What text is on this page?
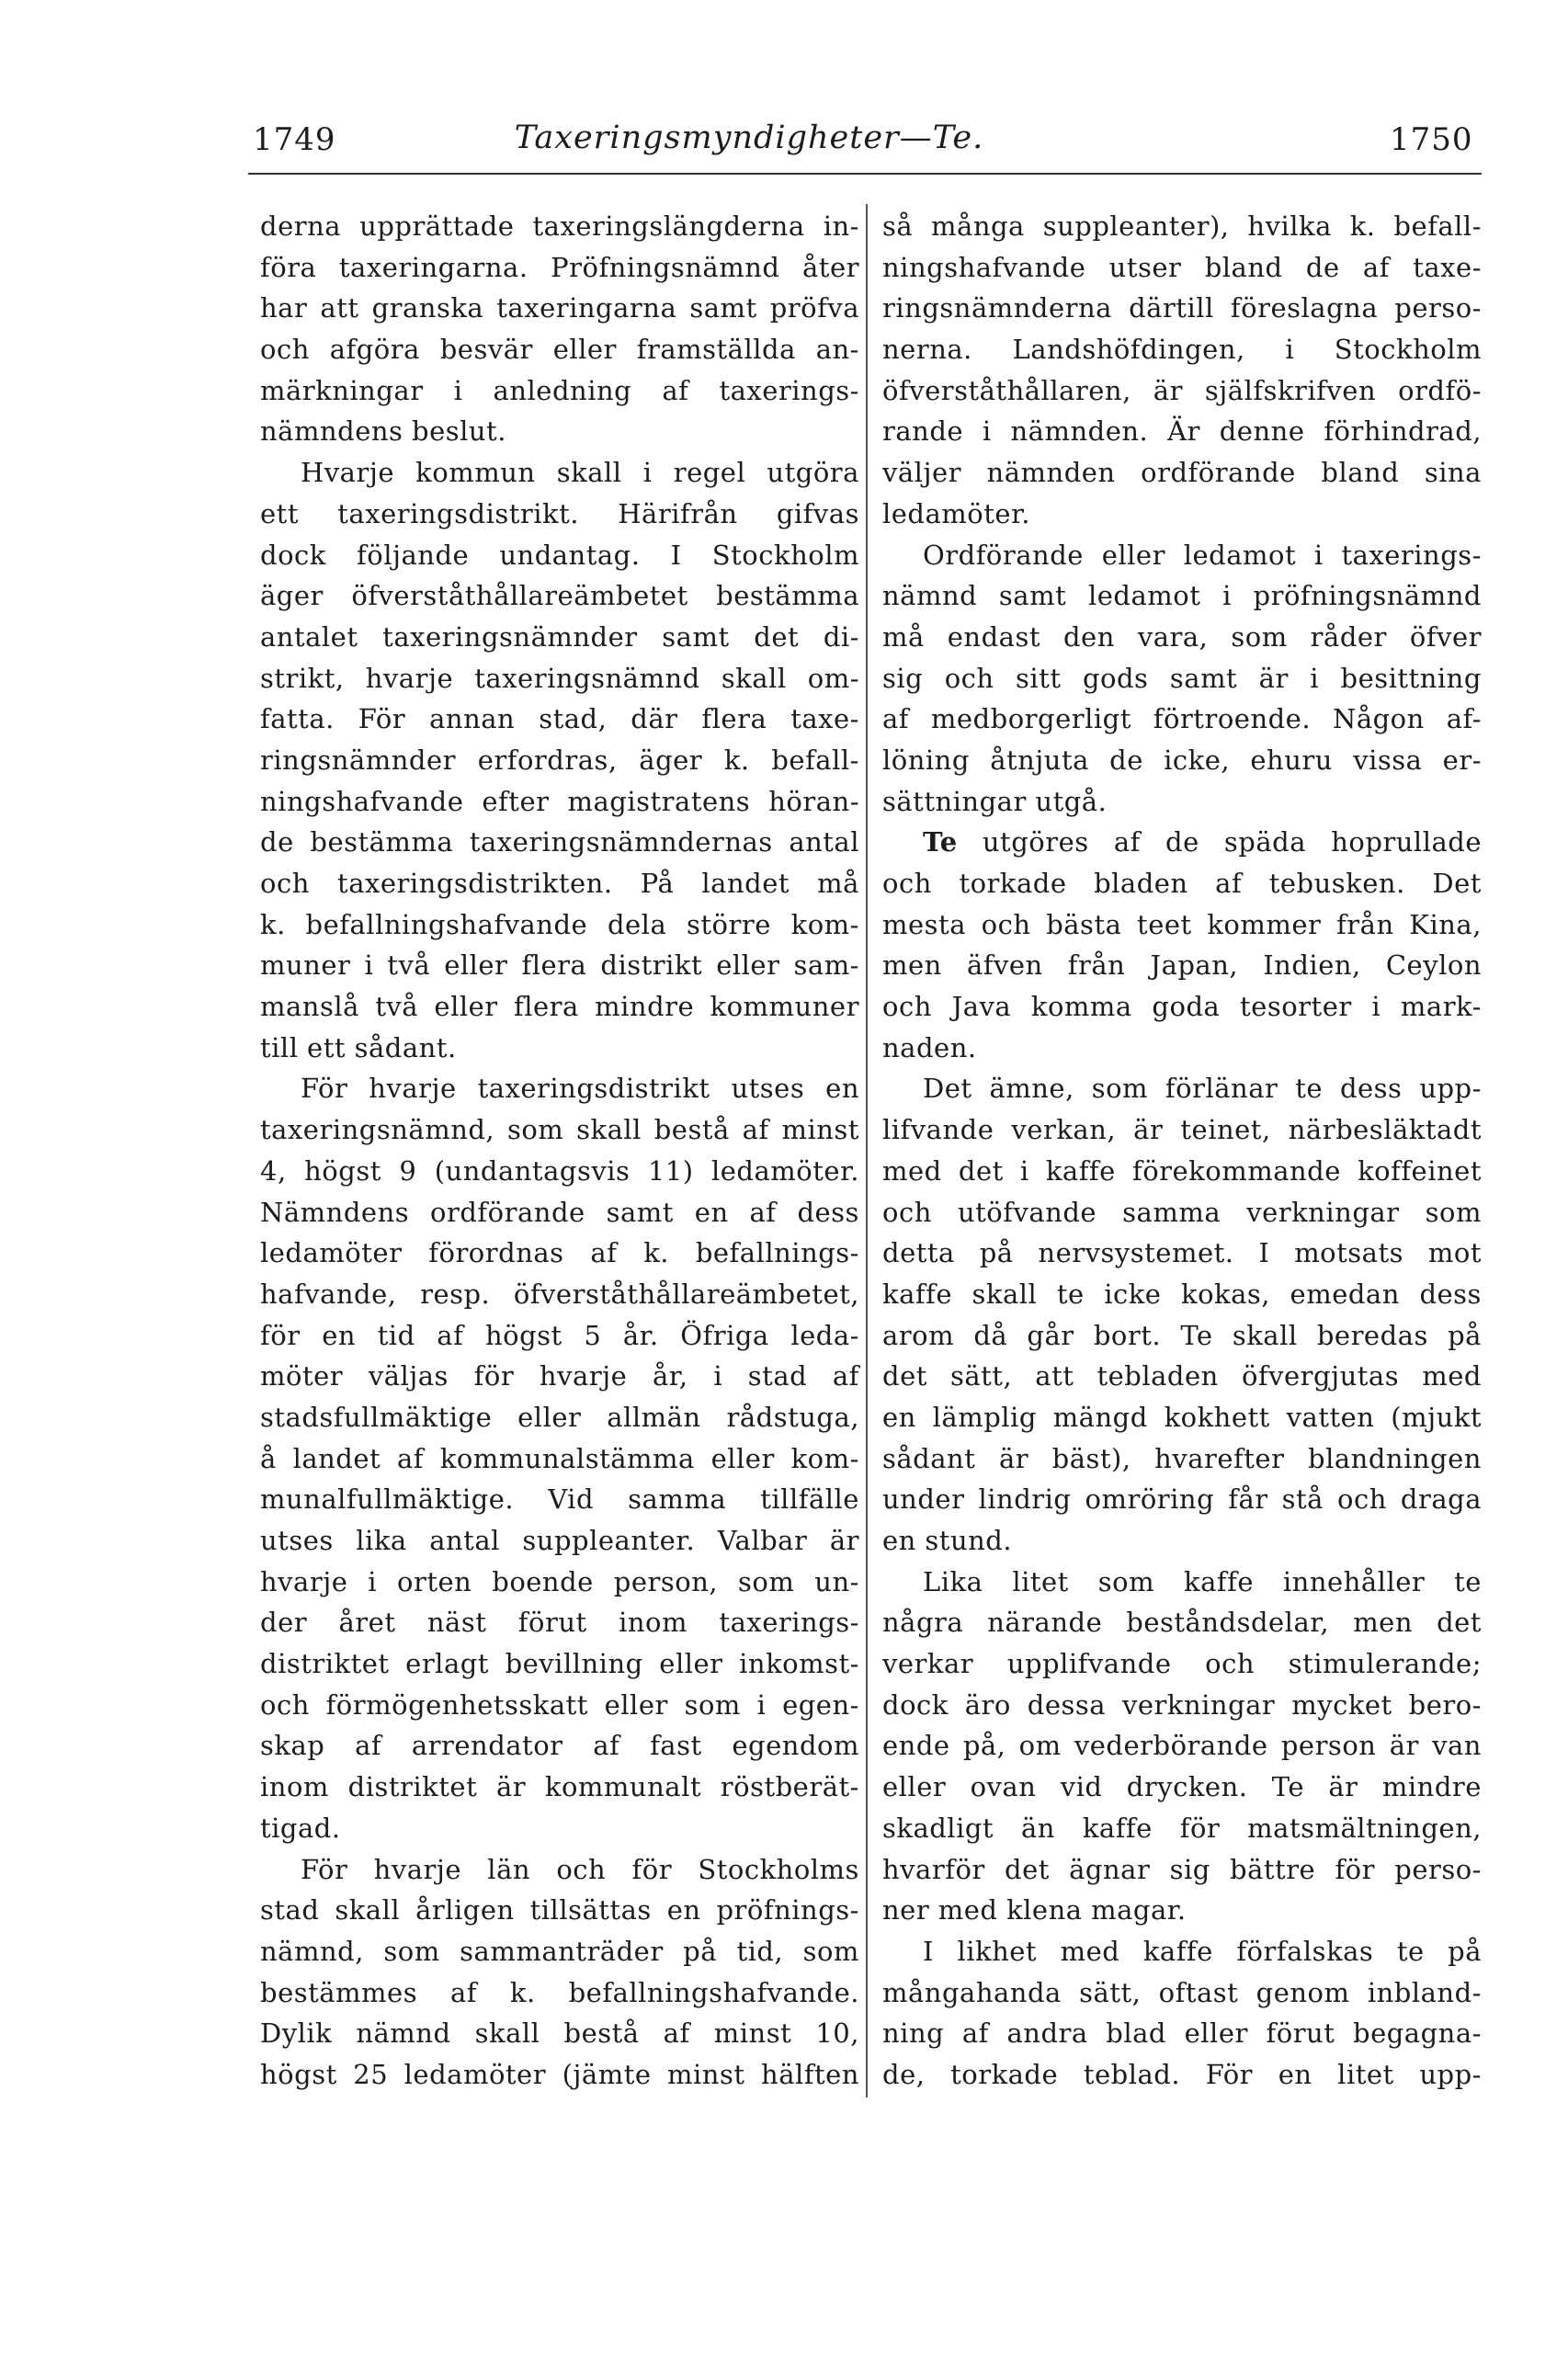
1749	Taxeringsmyndigheter—Te.	1750
derna upprättade taxeringslängderna in-
föra taxeringarna. Pröfningsnämnd åter
har att granska taxeringarna samt pröfva
och afgöra besvär eller framställda an-
märkningar i anledning af taxerings-
nämndens beslut.
Hvarje kommun skall i regel utgöra
ett taxeringsdistrikt. Härifrån gifvas
dock följande undantag. I Stockholm
äger öfverståthållareämbetet bestämma
antalet taxeringsnämnder samt det di-
strikt, hvarje taxeringsnämnd skall om-
fatta. För annan stad, där flera taxe-
ringsnämnder erfordras, äger k. befall-
ningshafvande efter magistratens höran-
de bestämma taxeringsnämndernas antal
och taxeringsdistrikten. På landet må
k. befallningshafvande dela större kom-
muner i två eller flera distrikt eller sam-
manslå två eller flera mindre kommuner
till ett sådant.
För hvarje taxeringsdistrikt utses en
taxeringsnämnd, som skall bestå af minst
4, högst 9 (undantagsvis 11) ledamöter.
Nämndens ordförande samt en af dess
ledamöter förordnas af k. befallnings-
hafvande, resp. öfverståthållareämbetet,
för en tid af högst 5 år. Öfriga leda-
möter väljas för hvarje år, i stad af
stadsfullmäktige eller allmän rådstuga,
å landet af kommunalstämma eller kom-
munalfullmäktige. Vid samma tillfälle
utses lika antal suppleanter. Valbar är
hvarje i orten boende person, som un-
der året näst förut inom taxerings-
distriktet erlagt bevillning eller inkomst-
och förmögenhetsskatt eller som i egen-
skap af arrendator af fast egendom
inom distriktet är kommunalt röstberät-
tigad.
För hvarje län och för Stockholms
stad skall årligen tillsättas en pröfnings-
nämnd, som sammanträder på tid, som
bestämmes af k. befallningshafvande.
Dylik nämnd skall bestå af minst 10,
högst 25 ledamöter (jämte minst hälften
så många suppleanter), hvilka k. befall-
ningshafvande utser bland de af taxe-
ringsnämnderna därtill föreslagna perso-
nerna. Landshöfdingen, i Stockholm
öfverståthållaren, är själfskrifven ordfö-
rande i nämnden. Är denne förhindrad,
väljer nämnden ordförande bland sina
ledamöter.
Ordförande eller ledamot i taxerings-
nämnd samt ledamot i pröfningsnämnd
må endast den vara, som råder öfver
sig och sitt gods samt är i besittning
af medborgerligt förtroende. Någon af-
löning åtnjuta de icke, ehuru vissa er-
sättningar utgå.
Te utgöres af de späda hoprullade
och torkade bladen af tebusken. Det
mesta och bästa teet kommer från Kina,
men äfven från Japan, Indien, Ceylon
och Java komma goda tesorter i mark-
naden.
Det ämne, som förlänar te dess upp-
lifvande verkan, är teinet, närbesläktadt
med det i kaffe förekommande koffeinet
och utöfvande samma verkningar som
detta på nervsystemet. I motsats mot
kaffe skall te icke kokas, emedan dess
arom då går bort. Te skall beredas på
det sätt, att tebladen öfvergjutas med
en lämplig mängd kokhett vatten (mjukt
sådant är bäst), hvarefter blandningen
under lindrig omröring får stå och draga
en stund.
Lika litet som kaffe innehåller te
några närande beståndsdelar, men det
verkar upplifvande och stimulerande;
dock äro dessa verkningar mycket bero-
ende på, om vederbörande person är van
eller ovan vid drycken. Te är mindre
skadligt än kaffe för matsmältningen,
hvarför det ägnar sig bättre för perso-
ner med klena magar.
I likhet med kaffe förfalskas te på
mångahanda sätt, oftast genom inbland-
ning af andra blad eller förut begagna-
de, torkade teblad. För en litet upp-
